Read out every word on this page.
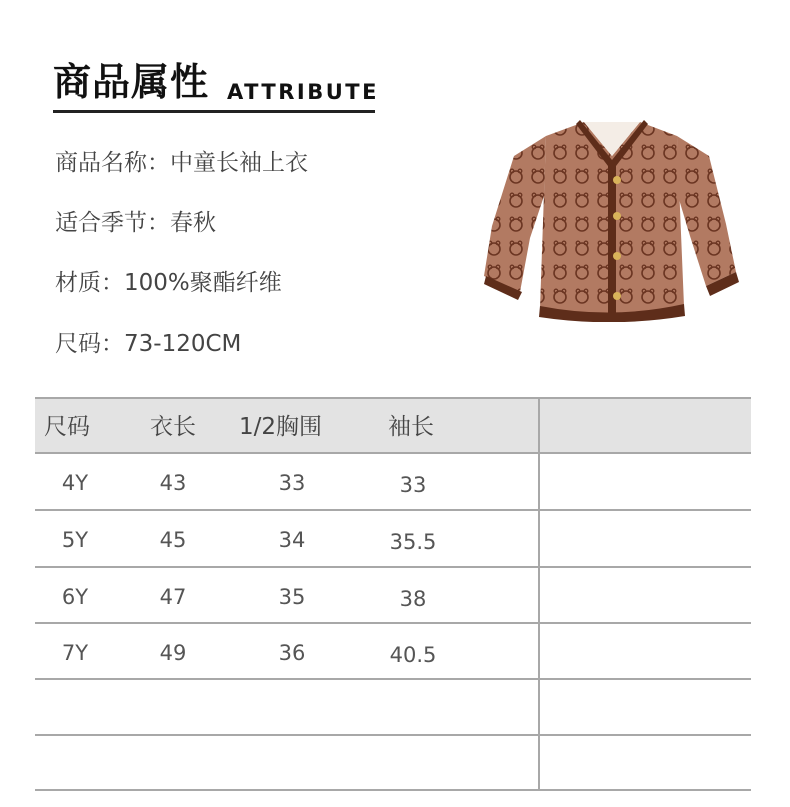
商品属性 ATTRIBUTE
商品名称：中童长袖上衣
适合季节：春秋
材质：100%聚酯纤维
尺码：73-120CM
尺码	衣长 1/2胸围	袖长
4Y	43	33	33
5Y	45	34	35.5
6Y	47	35	38
7Y	49	36	40.5
